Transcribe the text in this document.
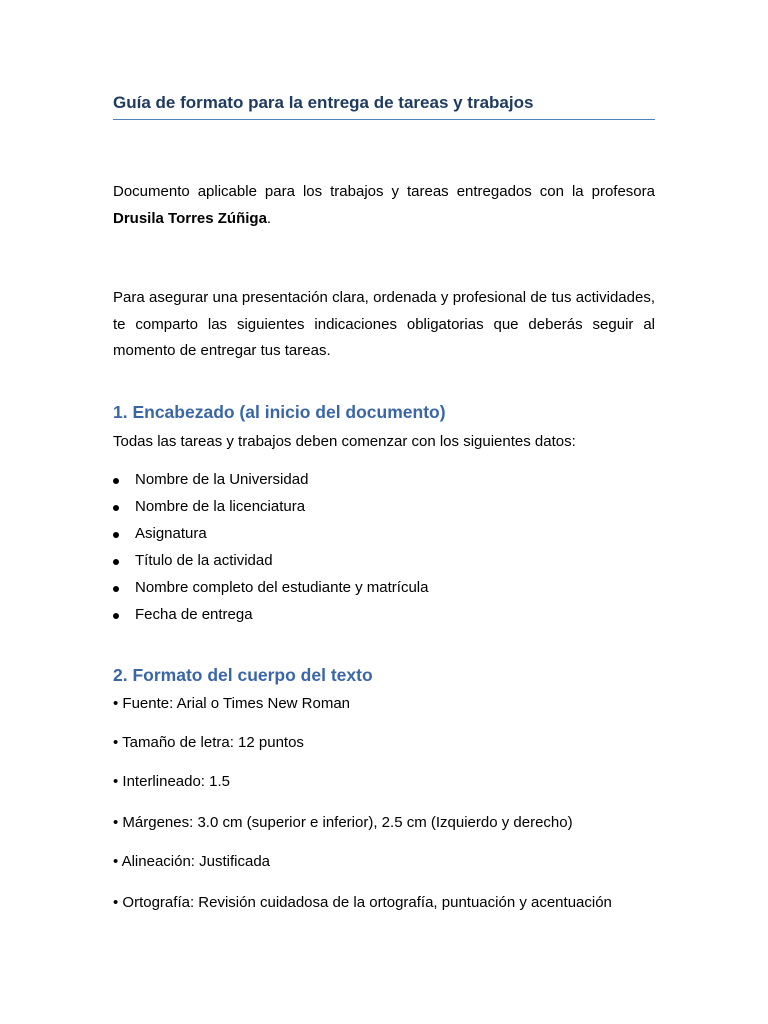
Guía de formato para la entrega de tareas y trabajos

Documento aplicable para los trabajos y tareas entregados con la profesora Drusila Torres Zúñiga.

Para asegurar una presentación clara, ordenada y profesional de tus actividades, te comparto las siguientes indicaciones obligatorias que deberás seguir al momento de entregar tus tareas.

1. Encabezado (al inicio del documento)

Todas las tareas y trabajos deben comenzar con los siguientes datos:

Nombre de la Universidad
Nombre de la licenciatura
Asignatura
Título de la actividad
Nombre completo del estudiante y matrícula
Fecha de entrega
2. Formato del cuerpo del texto

• Fuente: Arial o Times New Roman

• Tamaño de letra: 12 puntos

• Interlineado: 1.5

• Márgenes: 3.0 cm (superior e inferior), 2.5 cm (Izquierdo y derecho)

• Alineación: Justificada

• Ortografía: Revisión cuidadosa de la ortografía, puntuación y acentuación
